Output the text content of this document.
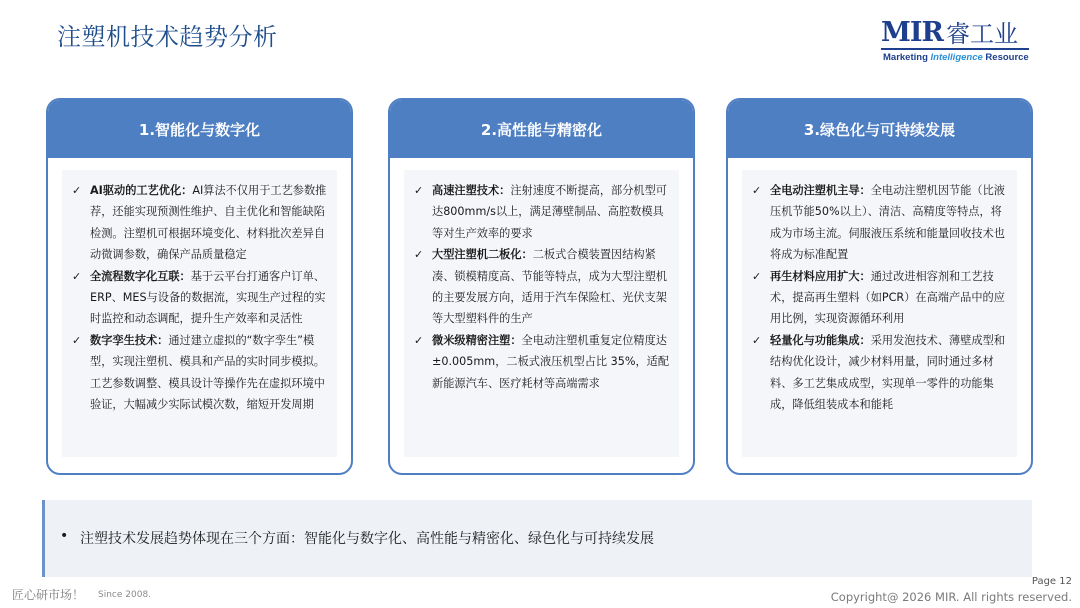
注塑机技术趋势分析	MIR 睿工业
Marketing Intelligence Resource
1.智能化与数字化
✓ AI驱动的工艺优化：AI算法不仅用于工艺参数推荐，还能实现预测性维护、自主优化和智能缺陷检测。注塑机可根据环境变化、材料批次差异自动微调参数，确保产品质量稳定
✓ 全流程数字化互联：基于云平台打通客户订单、ERP、MES与设备的数据流，实现生产过程的实时监控和动态调配，提升生产效率和灵活性
✓ 数字孪生技术：通过建立虚拟的“数字孪生”模型，实现注塑机、模具和产品的实时同步模拟。工艺参数调整、模具设计等操作先在虚拟环境中验证，大幅减少实际试模次数，缩短开发周期
2.高性能与精密化
✓ 高速注塑技术：注射速度不断提高，部分机型可达800mm/s以上，满足薄壁制品、高腔数模具等对生产效率的要求
✓ 大型注塑机二板化：二板式合模装置因结构紧凑、锁模精度高、节能等特点，成为大型注塑机的主要发展方向，适用于汽车保险杠、光伏支架等大型塑料件的生产
✓ 微米级精密注塑：全电动注塑机重复定位精度达 ±0.005mm，二板式液压机型占比 35%，适配新能源汽车、医疗耗材等高端需求
3.绿色化与可持续发展
✓ 全电动注塑机主导：全电动注塑机因节能（比液压机节能50%以上）、清洁、高精度等特点，将成为市场主流。伺服液压系统和能量回收技术也将成为标准配置
✓ 再生材料应用扩大：通过改进相容剂和工艺技术，提高再生塑料（如PCR）在高端产品中的应用比例，实现资源循环利用
✓ 轻量化与功能集成：采用发泡技术、薄壁成型和结构优化设计，减少材料用量，同时通过多材料、多工艺集成成型，实现单一零件的功能集成，降低组装成本和能耗
• 注塑技术发展趋势体现在三个方面：智能化与数字化、高性能与精密化、绿色化与可持续发展
匠心研市场！ Since 2008.
Page 12
Copyright@ 2026 MIR. All rights reserved.
